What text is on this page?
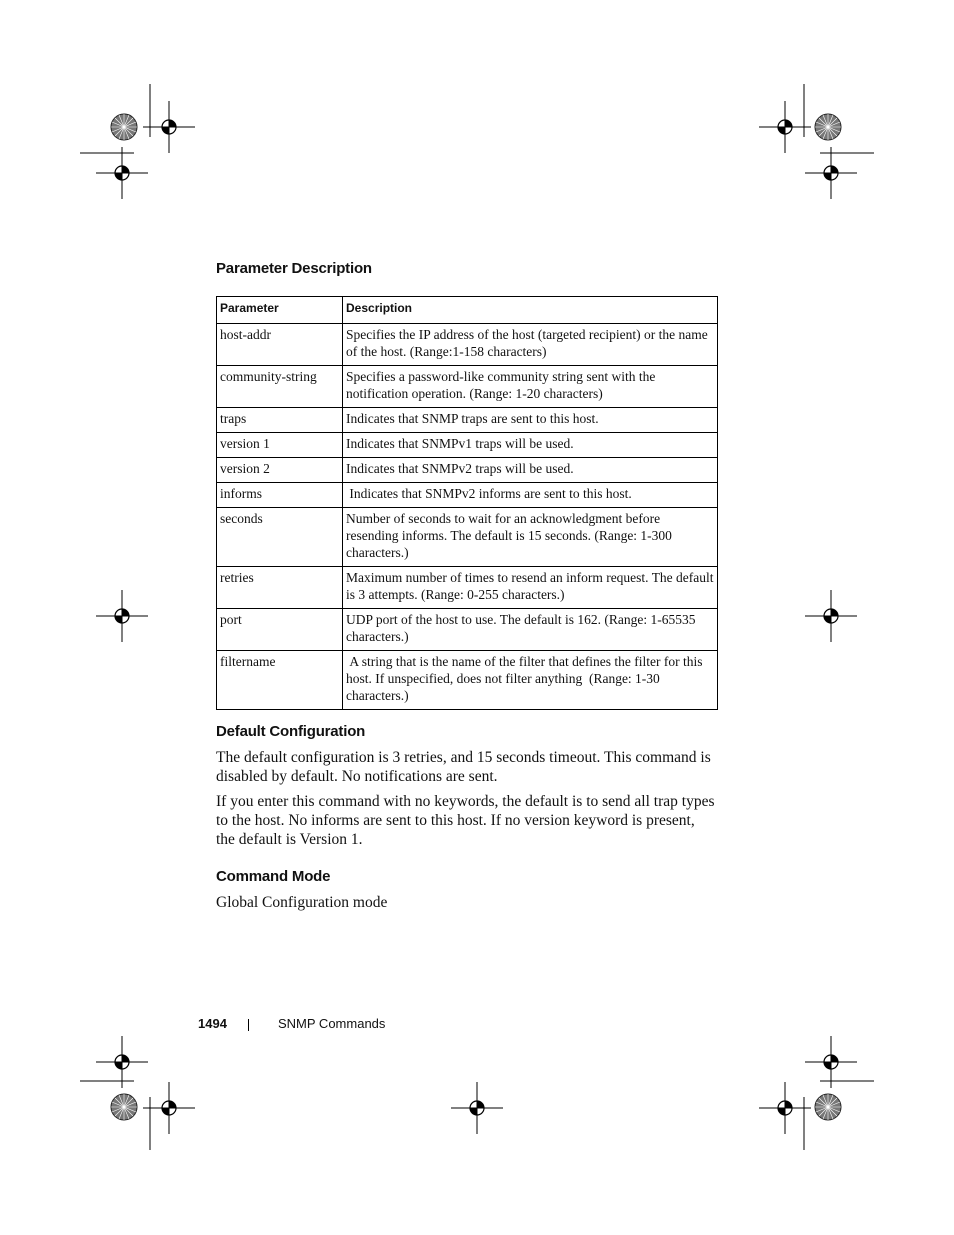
Parameter Description
Parameter	Description
host-addr	Specifies the IP address of the host (targeted recipient) or the name of the host. (Range:1-158 characters)
community-string	Specifies a password-like community string sent with the notification operation. (Range: 1-20 characters)
traps	Indicates that SNMP traps are sent to this host.
version 1	Indicates that SNMPv1 traps will be used.
version 2	Indicates that SNMPv2 traps will be used.
informs	Indicates that SNMPv2 informs are sent to this host.
seconds	Number of seconds to wait for an acknowledgment before resending informs. The default is 15 seconds. (Range: 1-300 characters.)
retries	Maximum number of times to resend an inform request. The default is 3 attempts. (Range: 0-255 characters.)
port	UDP port of the host to use. The default is 162. (Range: 1-65535 characters.)
filtername	A string that is the name of the filter that defines the filter for this host. If unspecified, does not filter anything  (Range: 1-30 characters.)
Default Configuration

The default configuration is 3 retries, and 15 seconds timeout. This command is disabled by default. No notifications are sent.

If you enter this command with no keywords, the default is to send all trap types to the host. No informs are sent to this host. If no version keyword is present, the default is Version 1.

Command Mode

Global Configuration mode

1494	SNMP Commands
